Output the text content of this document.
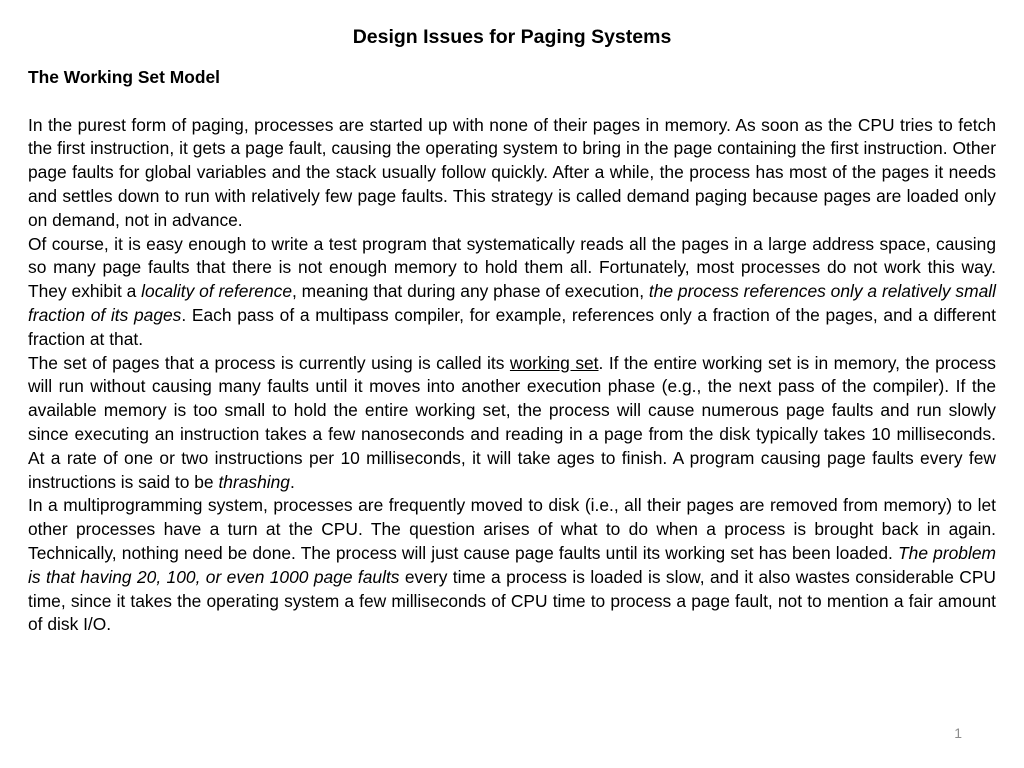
Design Issues for Paging Systems
The Working Set Model

In the purest form of paging, processes are started up with none of their pages in memory. As soon as the CPU tries to fetch the first instruction, it gets a page fault, causing the operating system to bring in the page containing the first instruction. Other page faults for global variables and the stack usually follow quickly. After a while, the process has most of the pages it needs and settles down to run with relatively few page faults. This strategy is called demand paging because pages are loaded only on demand, not in advance.

Of course, it is easy enough to write a test program that systematically reads all the pages in a large address space, causing so many page faults that there is not enough memory to hold them all. Fortunately, most processes do not work this way. They exhibit a locality of reference, meaning that during any phase of execution, the process references only a relatively small fraction of its pages. Each pass of a multipass compiler, for example, references only a fraction of the pages, and a different fraction at that.

The set of pages that a process is currently using is called its working set. If the entire working set is in memory, the process will run without causing many faults until it moves into another execution phase (e.g., the next pass of the compiler). If the available memory is too small to hold the entire working set, the process will cause numerous page faults and run slowly since executing an instruction takes a few nanoseconds and reading in a page from the disk typically takes 10 milliseconds. At a rate of one or two instructions per 10 milliseconds, it will take ages to finish. A program causing page faults every few instructions is said to be thrashing.

In a multiprogramming system, processes are frequently moved to disk (i.e., all their pages are removed from memory) to let other processes have a turn at the CPU. The question arises of what to do when a process is brought back in again. Technically, nothing need be done. The process will just cause page faults until its working set has been loaded. The problem is that having 20, 100, or even 1000 page faults every time a process is loaded is slow, and it also wastes considerable CPU time, since it takes the operating system a few milliseconds of CPU time to process a page fault, not to mention a fair amount of disk I/O.

1
